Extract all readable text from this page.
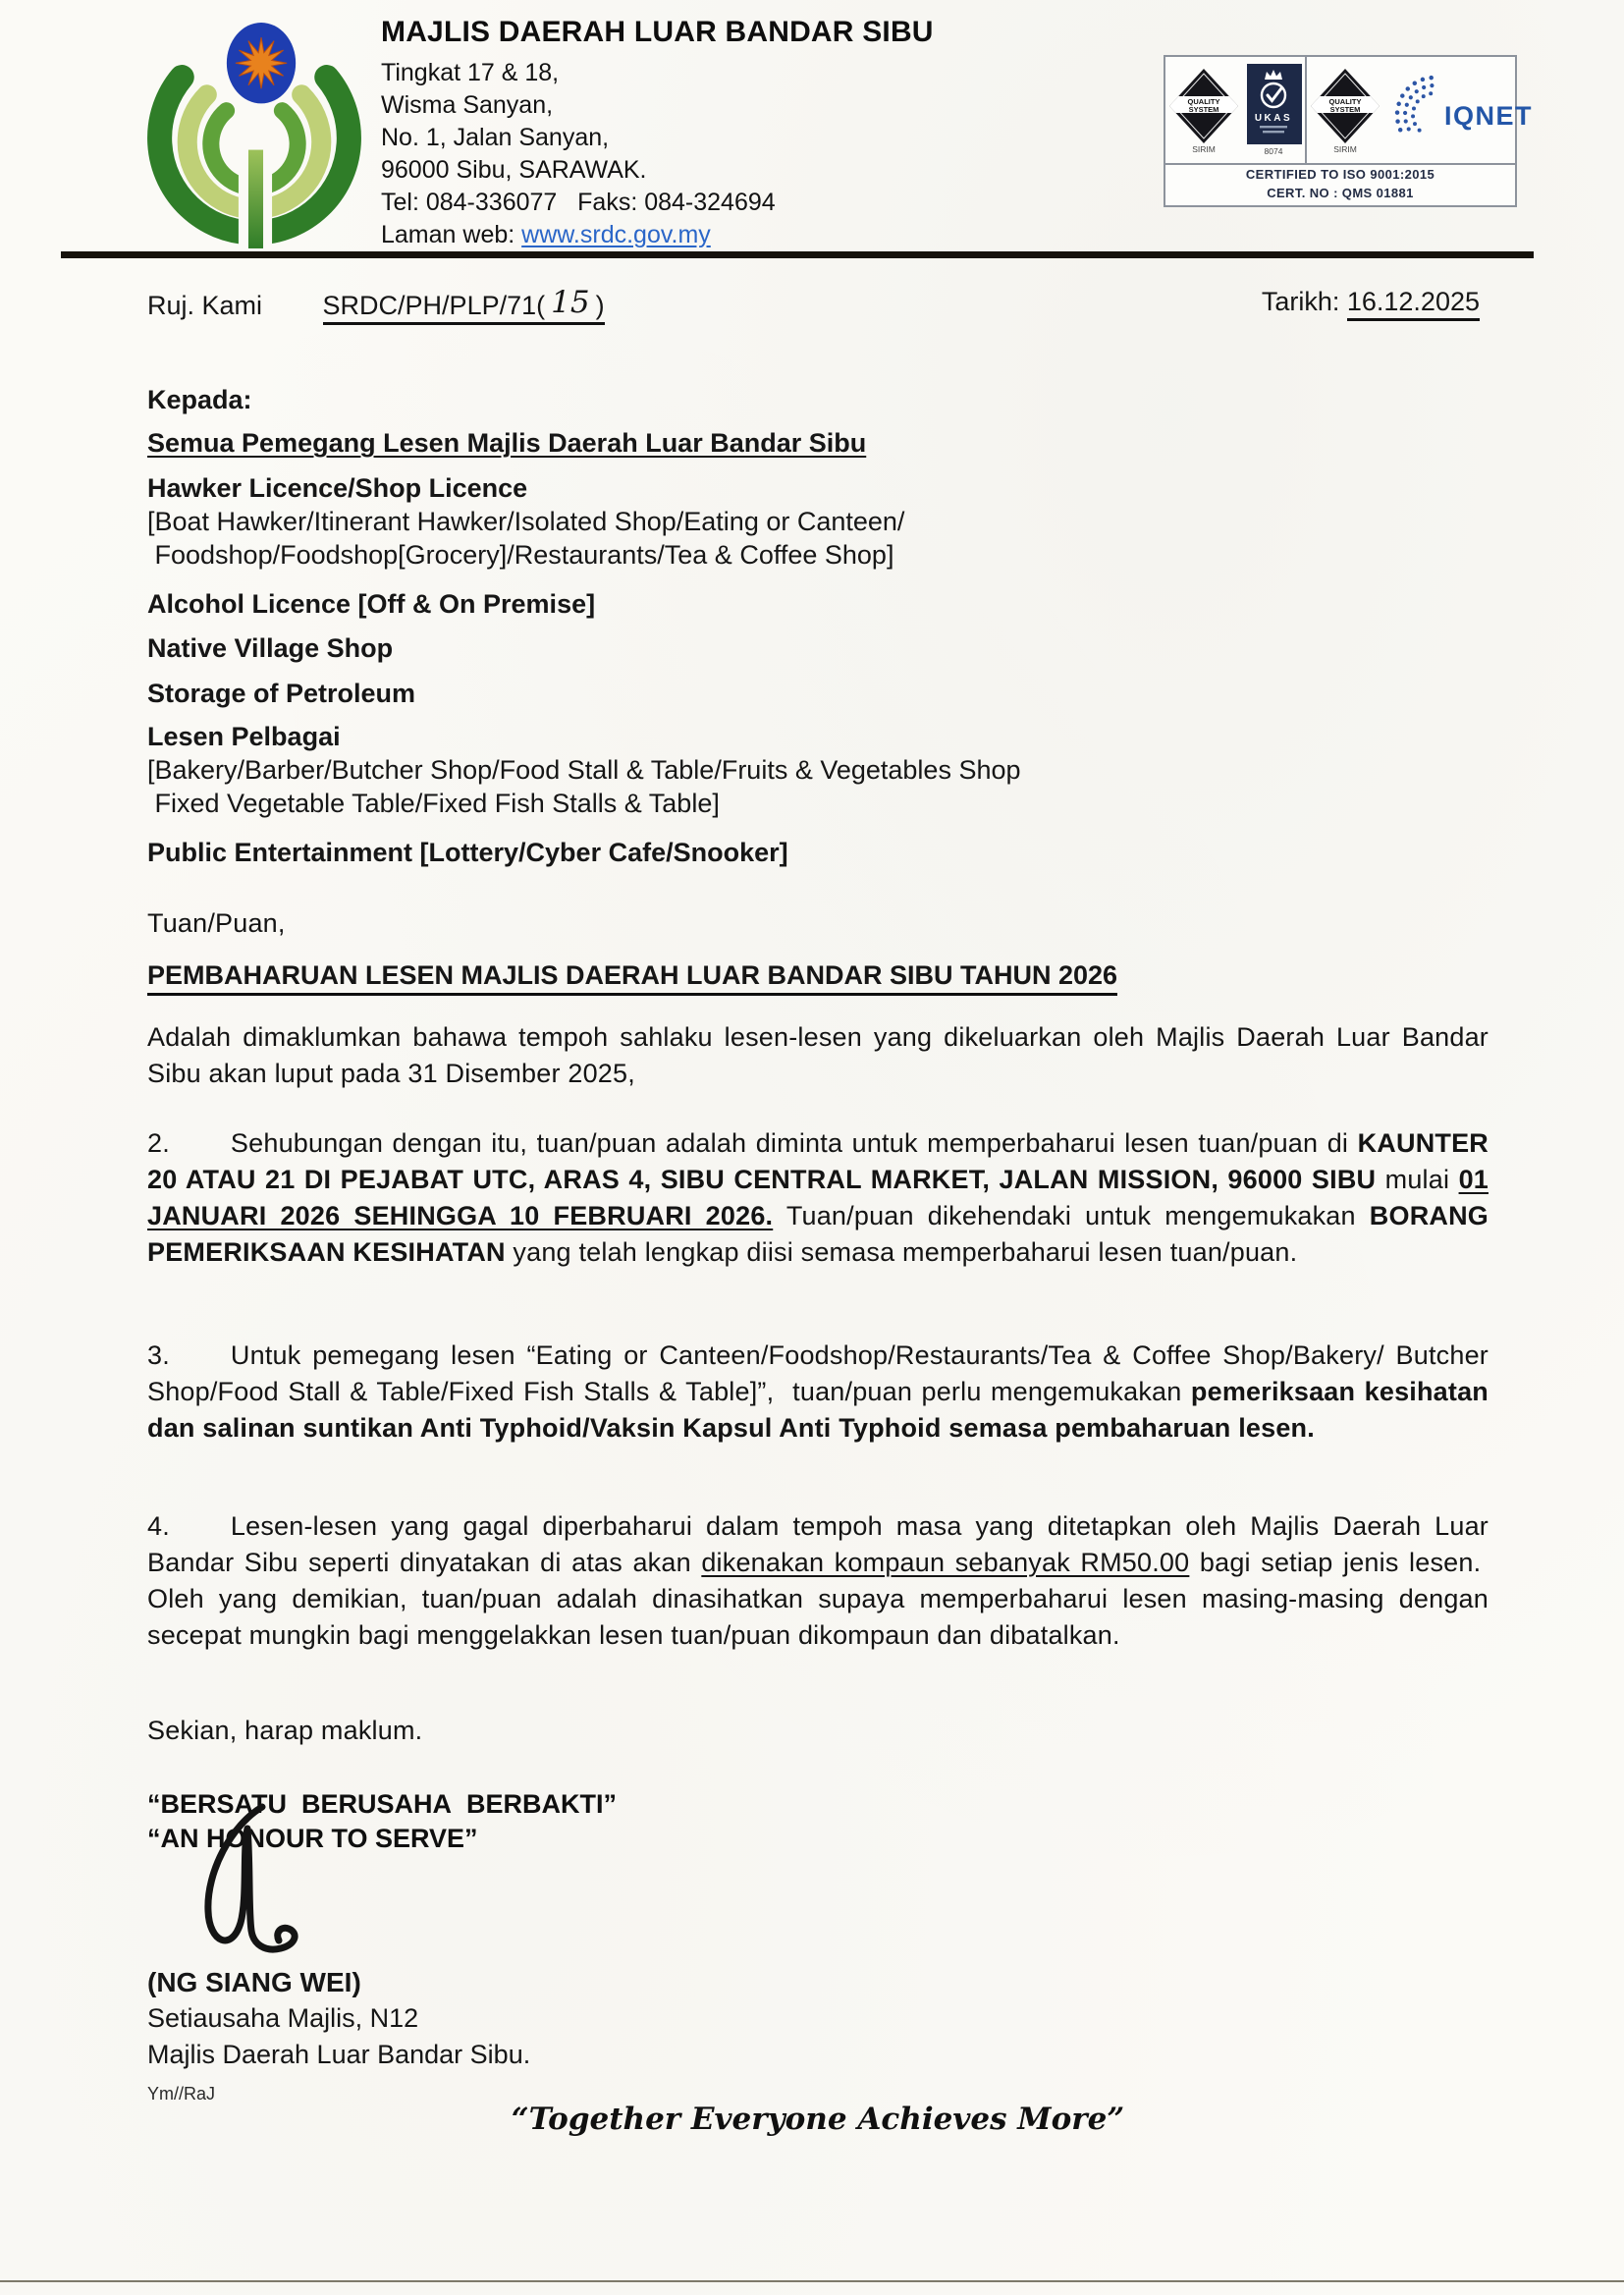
MAJLIS DAERAH LUAR BANDAR SIBU
Tingkat 17 & 18,
Wisma Sanyan,
No. 1, Jalan Sanyan,
96000 Sibu, SARAWAK.
Tel: 084-336077   Faks: 084-324694
Laman web: www.srdc.gov.my
QUALITY
SYSTEM
SIRIM
UKAS
8074
QUALITY
SYSTEM
SIRIM
IQNET
CERTIFIED TO ISO 9001:2015
CERT. NO : QMS 01881
Ruj. Kami SRDC/PH/PLP/71( 15 )	Tarikh: 16.12.2025
Kepada:
Semua Pemegang Lesen Majlis Daerah Luar Bandar Sibu
Hawker Licence/Shop Licence
[Boat Hawker/Itinerant Hawker/Isolated Shop/Eating or Canteen/
Foodshop/Foodshop[Grocery]/Restaurants/Tea & Coffee Shop]
Alcohol Licence [Off & On Premise]
Native Village Shop
Storage of Petroleum
Lesen Pelbagai
[Bakery/Barber/Butcher Shop/Food Stall & Table/Fruits & Vegetables Shop
Fixed Vegetable Table/Fixed Fish Stalls & Table]
Public Entertainment [Lottery/Cyber Cafe/Snooker]
Tuan/Puan,
PEMBAHARUAN LESEN MAJLIS DAERAH LUAR BANDAR SIBU TAHUN 2026
Adalah dimaklumkan bahawa tempoh sahlaku lesen-lesen yang dikeluarkan oleh Majlis Daerah Luar Bandar Sibu akan luput pada 31 Disember 2025,
2. Sehubungan dengan itu, tuan/puan adalah diminta untuk memperbaharui lesen tuan/puan di KAUNTER 20 ATAU 21 DI PEJABAT UTC, ARAS 4, SIBU CENTRAL MARKET, JALAN MISSION, 96000 SIBU mulai 01 JANUARI 2026 SEHINGGA 10 FEBRUARI 2026. Tuan/puan dikehendaki untuk mengemukakan BORANG PEMERIKSAAN KESIHATAN yang telah lengkap diisi semasa memperbaharui lesen tuan/puan.
3. Untuk pemegang lesen “Eating or Canteen/Foodshop/Restaurants/Tea & Coffee Shop/Bakery/ Butcher Shop/Food Stall & Table/Fixed Fish Stalls & Table]”,  tuan/puan perlu mengemukakan pemeriksaan kesihatan dan salinan suntikan Anti Typhoid/Vaksin Kapsul Anti Typhoid semasa pembaharuan lesen.
4. Lesen-lesen yang gagal diperbaharui dalam tempoh masa yang ditetapkan oleh Majlis Daerah Luar Bandar Sibu seperti dinyatakan di atas akan dikenakan kompaun sebanyak RM50.00 bagi setiap jenis lesen.  Oleh yang demikian, tuan/puan adalah dinasihatkan supaya memperbaharui lesen masing-masing dengan secepat mungkin bagi menggelakkan lesen tuan/puan dikompaun dan dibatalkan.
Sekian, harap maklum.
“BERSATU  BERUSAHA  BERBAKTI”
“AN HONOUR TO SERVE”
(NG SIANG WEI)
Setiausaha Majlis, N12
Majlis Daerah Luar Bandar Sibu.
Ym//RaJ
“Together Everyone Achieves More”
